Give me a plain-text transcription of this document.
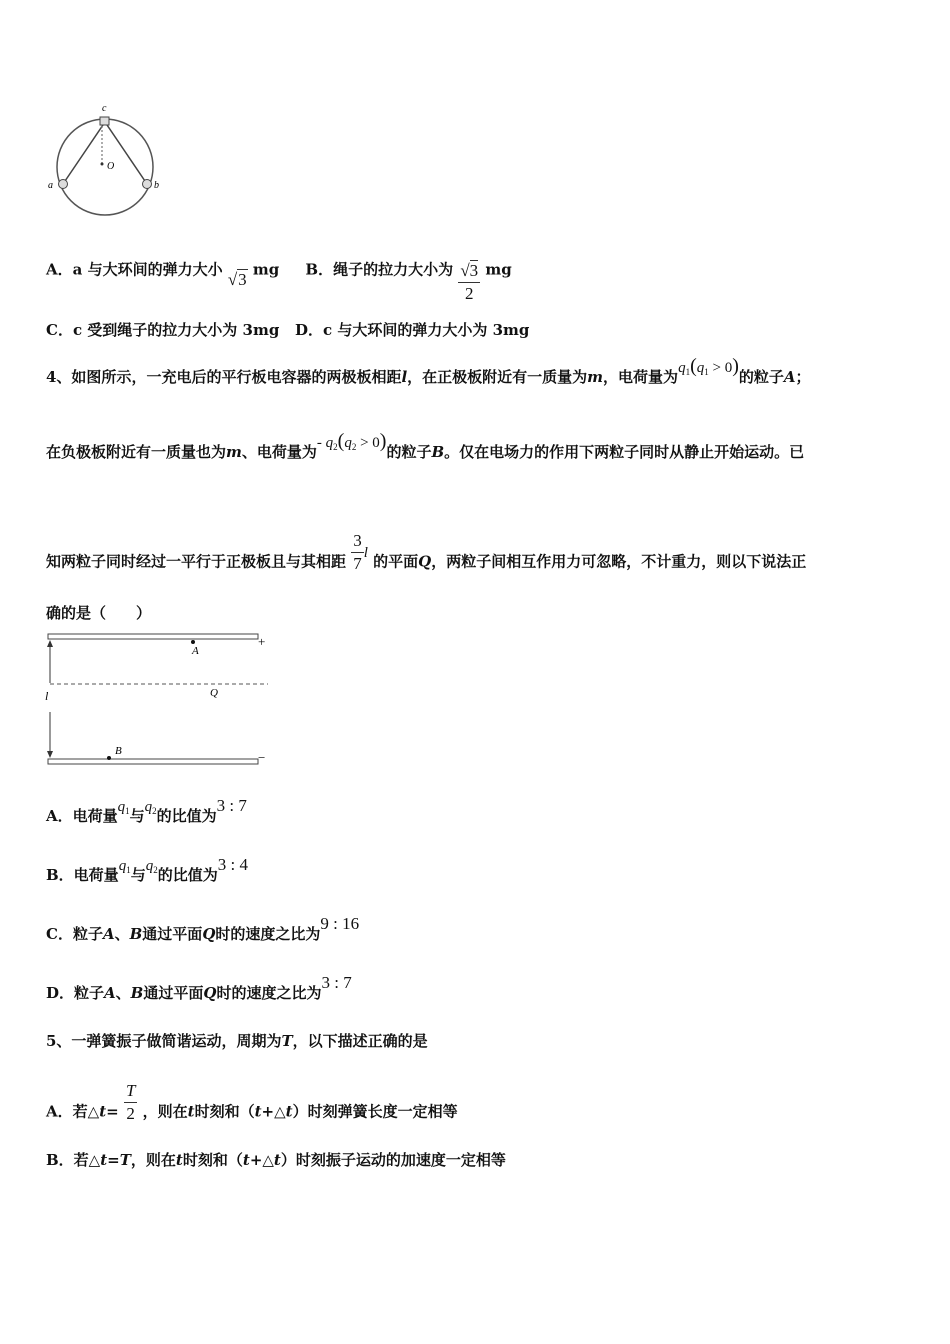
c
O
a	b
A．a 与大环间的弹力大小 √3 mg B．绳子的拉力大小为 $\frac{√3}{2}$ mg
C．c 受到绳子的拉力大小为 3mg D．c 与大环间的弹力大小为 3mg
4、如图所示，一充电后的平行板电容器的两极板相距l，在正极板附近有一质量为m，电荷量为$q_1(q_1 > 0)$的粒子A；
在负极板附近有一质量也为m、电荷量为- $q_2(q_2 > 0)$的粒子B。仅在电场力的作用下两粒子同时从静止开始运动。已
知两粒子同时经过一平行于正极板且与其相距 $\frac{3}{7}$ l 的平面Q，两粒子间相互作用力可忽略，不计重力，则以下说法正
确的是（　　）
A
+
l	Q
B	−
A．电荷量$q_1$与$q_2$的比值为3 : 7
B．电荷量$q_1$与$q_2$的比值为3 : 4
C．粒子A、B通过平面Q时的速度之比为9 : 16
D．粒子A、B通过平面Q时的速度之比为3 : 7
5、一弹簧振子做简谐运动，周期为T，以下描述正确的是
A．若△t= $\frac{T}{2}$ ，则在t时刻和（t+△t）时刻弹簧长度一定相等
B．若△t=T，则在t时刻和（t+△t）时刻振子运动的加速度一定相等
